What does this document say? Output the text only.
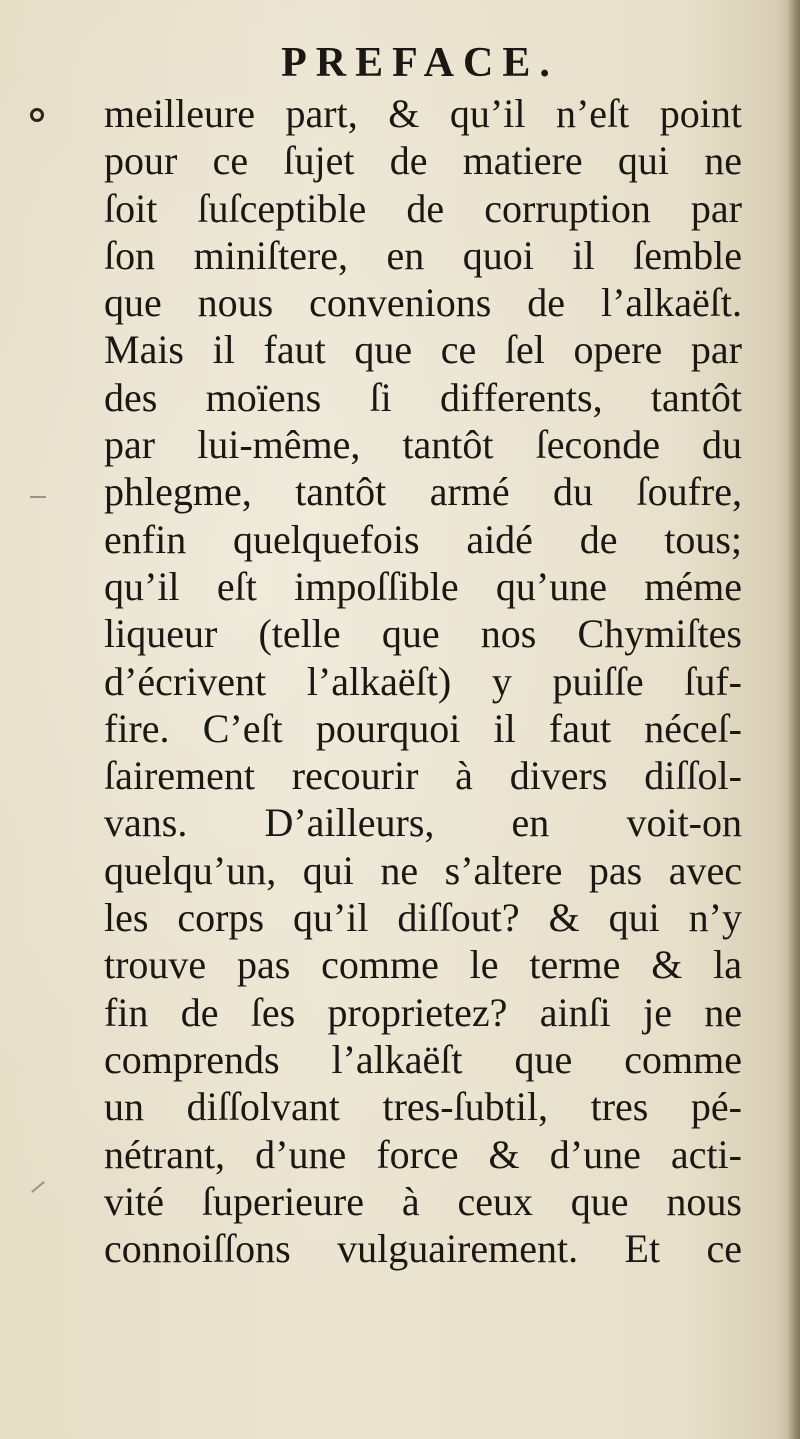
PREFACE.
meilleure part, & qu’il n’eſt point
pour ce ſujet de matiere qui ne
ſoit ſuſceptible de corruption par
ſon miniſtere, en quoi il ſemble
que nous convenions de l’alkaëſt.
Mais il faut que ce ſel opere par
des moïens ſi differents, tantôt
par lui-même, tantôt ſeconde du
phlegme, tantôt armé du ſoufre,
enfin quelquefois aidé de tous;
qu’il eſt impoſſible qu’une méme
liqueur (telle que nos Chymiſtes
d’écrivent l’alkaëſt) y puiſſe ſuf-
fire. C’eſt pourquoi il faut néceſ-
ſairement recourir à divers diſſol-
vans. D’ailleurs, en voit-on
quelqu’un, qui ne s’altere pas avec
les corps qu’il diſſout? & qui n’y
trouve pas comme le terme & la
fin de ſes proprietez? ainſi je ne
comprends l’alkaëſt que comme
un diſſolvant tres-ſubtil, tres pé-
nétrant, d’une force & d’une acti-
vité ſuperieure à ceux que nous
connoiſſons vulguairement. Et ce
